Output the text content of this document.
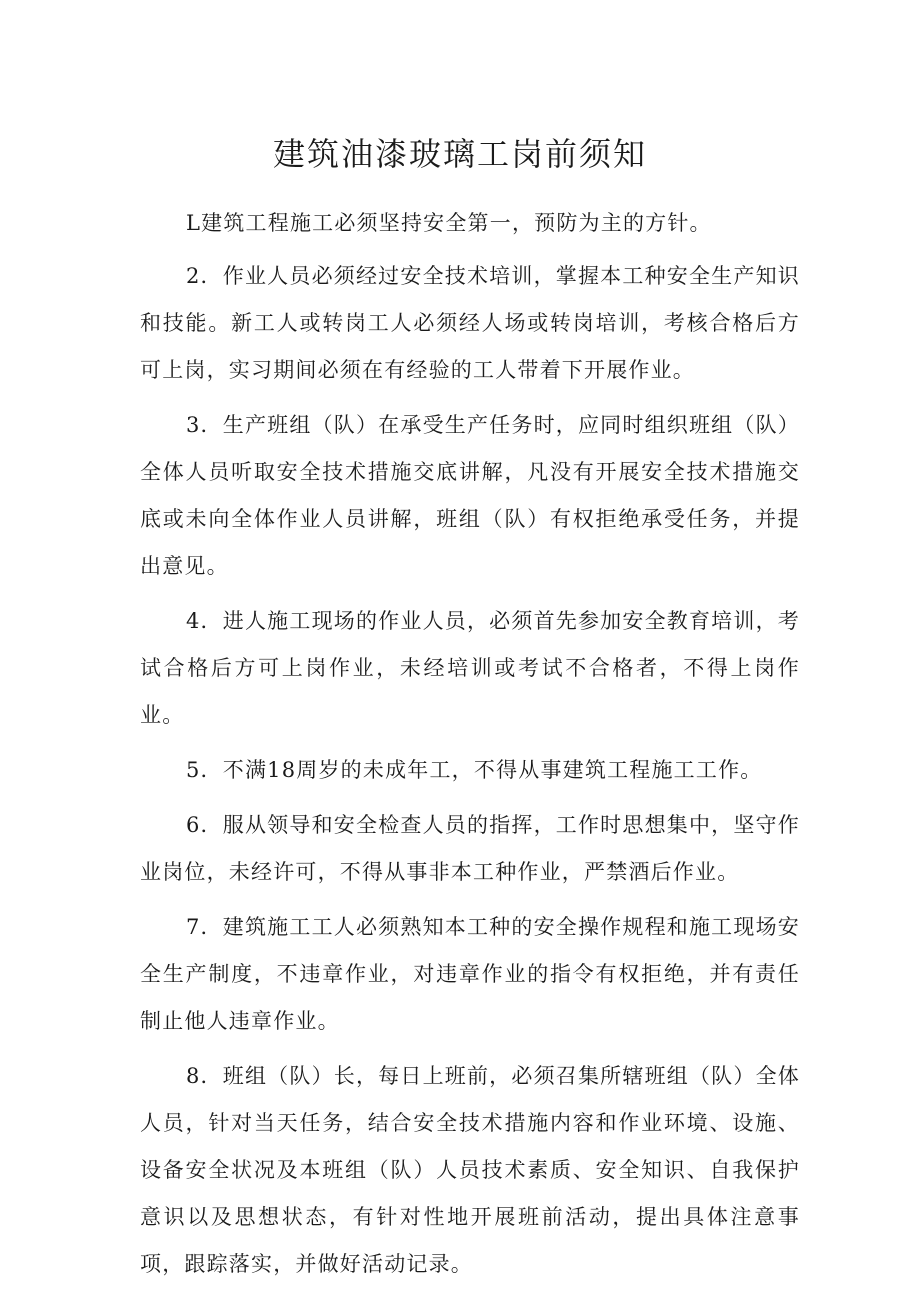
建筑油漆玻璃工岗前须知

L建筑工程施工必须坚持安全第一，预防为主的方针。

2．作业人员必须经过安全技术培训，掌握本工种安全生产知识和技能。新工人或转岗工人必须经人场或转岗培训，考核合格后方可上岗，实习期间必须在有经验的工人带着下开展作业。

3．生产班组（队）在承受生产任务时，应同时组织班组（队）全体人员听取安全技术措施交底讲解，凡没有开展安全技术措施交底或未向全体作业人员讲解，班组（队）有权拒绝承受任务，并提出意见。

4．进人施工现场的作业人员，必须首先参加安全教育培训，考试合格后方可上岗作业，未经培训或考试不合格者，不得上岗作业。

5．不满18周岁的未成年工，不得从事建筑工程施工工作。

6．服从领导和安全检查人员的指挥，工作时思想集中，坚守作业岗位，未经许可，不得从事非本工种作业，严禁酒后作业。

7．建筑施工工人必须熟知本工种的安全操作规程和施工现场安全生产制度，不违章作业，对违章作业的指令有权拒绝，并有责任制止他人违章作业。

8．班组（队）长，每日上班前，必须召集所辖班组（队）全体人员，针对当天任务，结合安全技术措施内容和作业环境、设施、设备安全状况及本班组（队）人员技术素质、安全知识、自我保护意识以及思想状态，有针对性地开展班前活动，提出具体注意事项，跟踪落实，并做好活动记录。
